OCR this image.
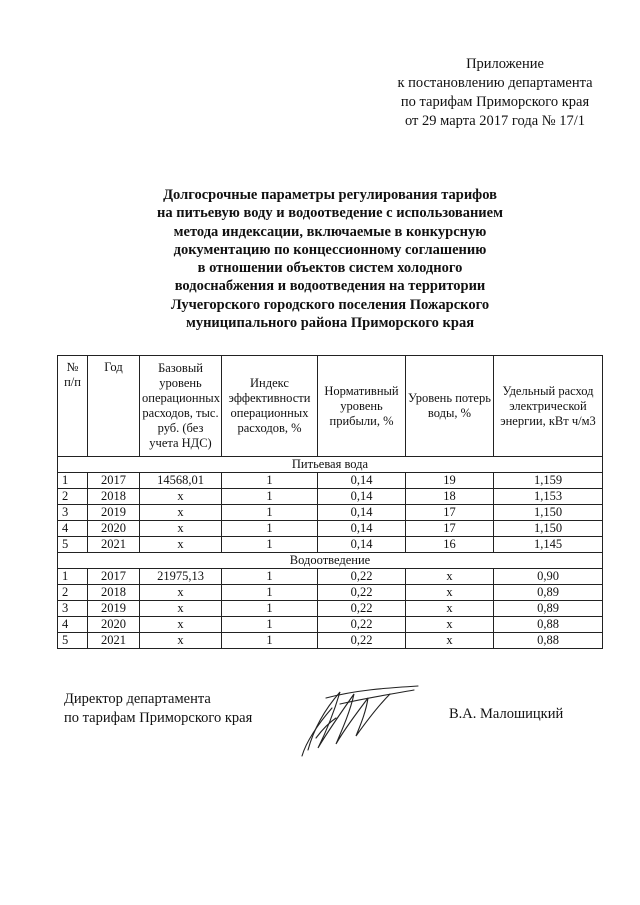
Приложение
к постановлению департамента
по тарифам Приморского края
от 29 марта 2017 года № 17/1
Долгосрочные параметры регулирования тарифов
на питьевую воду и водоотведение с использованием
метода индексации, включаемые в конкурсную
документацию по концессионному соглашению
в отношении объектов систем холодного
водоснабжения и водоотведения на территории
Лучегорского городского поселения Пожарского
муниципального района Приморского края
№ п/п	Год	Базовый уровень операционных расходов, тыс. руб. (без учета НДС)	Индекс эффективности операционных расходов, %	Нормативный уровень прибыли, %	Уровень потерь воды, %	Удельный расход электрической энергии, кВт ч/м3
Питьевая вода						
1	2017	14568,01	1	0,14	19	1,159
2	2018	х	1	0,14	18	1,153
3	2019	х	1	0,14	17	1,150
4	2020	х	1	0,14	17	1,150
5	2021	х	1	0,14	16	1,145
Водоотведение						
1	2017	21975,13	1	0,22	х	0,90
2	2018	х	1	0,22	х	0,89
3	2019	х	1	0,22	х	0,89
4	2020	х	1	0,22	х	0,88
5	2021	х	1	0,22	х	0,88
Директор департамента
по тарифам Приморского края	В.А. Малошицкий
